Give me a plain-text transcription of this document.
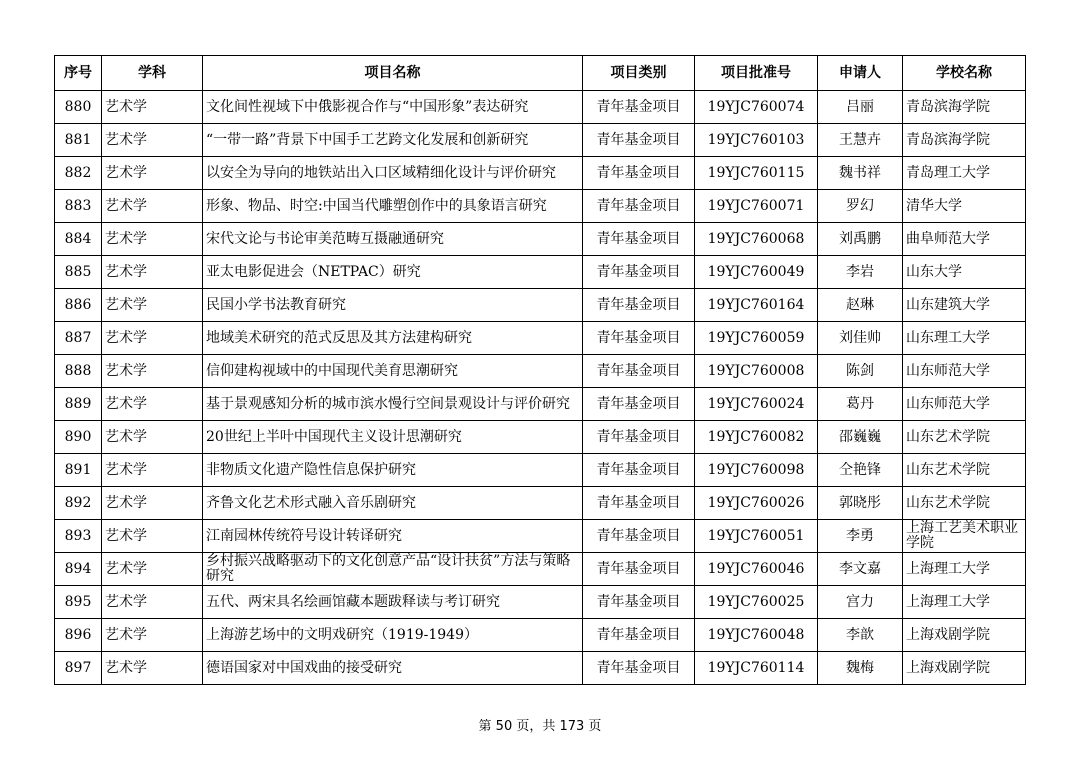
序号	学科	项目名称	项目类别	项目批准号	申请人	学校名称
880	艺术学	文化间性视域下中俄影视合作与“中国形象”表达研究	青年基金项目	19YJC760074	吕丽	青岛滨海学院
881	艺术学	“一带一路”背景下中国手工艺跨文化发展和创新研究	青年基金项目	19YJC760103	王慧卉	青岛滨海学院
882	艺术学	以安全为导向的地铁站出入口区域精细化设计与评价研究	青年基金项目	19YJC760115	魏书祥	青岛理工大学
883	艺术学	形象、物品、时空:中国当代雕塑创作中的具象语言研究	青年基金项目	19YJC760071	罗幻	清华大学
884	艺术学	宋代文论与书论审美范畴互摄融通研究	青年基金项目	19YJC760068	刘禹鹏	曲阜师范大学
885	艺术学	亚太电影促进会（NETPAC）研究	青年基金项目	19YJC760049	李岩	山东大学
886	艺术学	民国小学书法教育研究	青年基金项目	19YJC760164	赵琳	山东建筑大学
887	艺术学	地域美术研究的范式反思及其方法建构研究	青年基金项目	19YJC760059	刘佳帅	山东理工大学
888	艺术学	信仰建构视域中的中国现代美育思潮研究	青年基金项目	19YJC760008	陈剑	山东师范大学
889	艺术学	基于景观感知分析的城市滨水慢行空间景观设计与评价研究	青年基金项目	19YJC760024	葛丹	山东师范大学
890	艺术学	20世纪上半叶中国现代主义设计思潮研究	青年基金项目	19YJC760082	邵巍巍	山东艺术学院
891	艺术学	非物质文化遗产隐性信息保护研究	青年基金项目	19YJC760098	仝艳锋	山东艺术学院
892	艺术学	齐鲁文化艺术形式融入音乐剧研究	青年基金项目	19YJC760026	郭晓彤	山东艺术学院
893	艺术学	江南园林传统符号设计转译研究	青年基金项目	19YJC760051	李勇	上海工艺美术职业学院
894	艺术学	乡村振兴战略驱动下的文化创意产品“设计扶贫”方法与策略研究	青年基金项目	19YJC760046	李文嘉	上海理工大学
895	艺术学	五代、两宋具名绘画馆藏本题跋释读与考订研究	青年基金项目	19YJC760025	宫力	上海理工大学
896	艺术学	上海游艺场中的文明戏研究（1919-1949）	青年基金项目	19YJC760048	李歆	上海戏剧学院
897	艺术学	德语国家对中国戏曲的接受研究	青年基金项目	19YJC760114	魏梅	上海戏剧学院
第 50 页，共 173 页
